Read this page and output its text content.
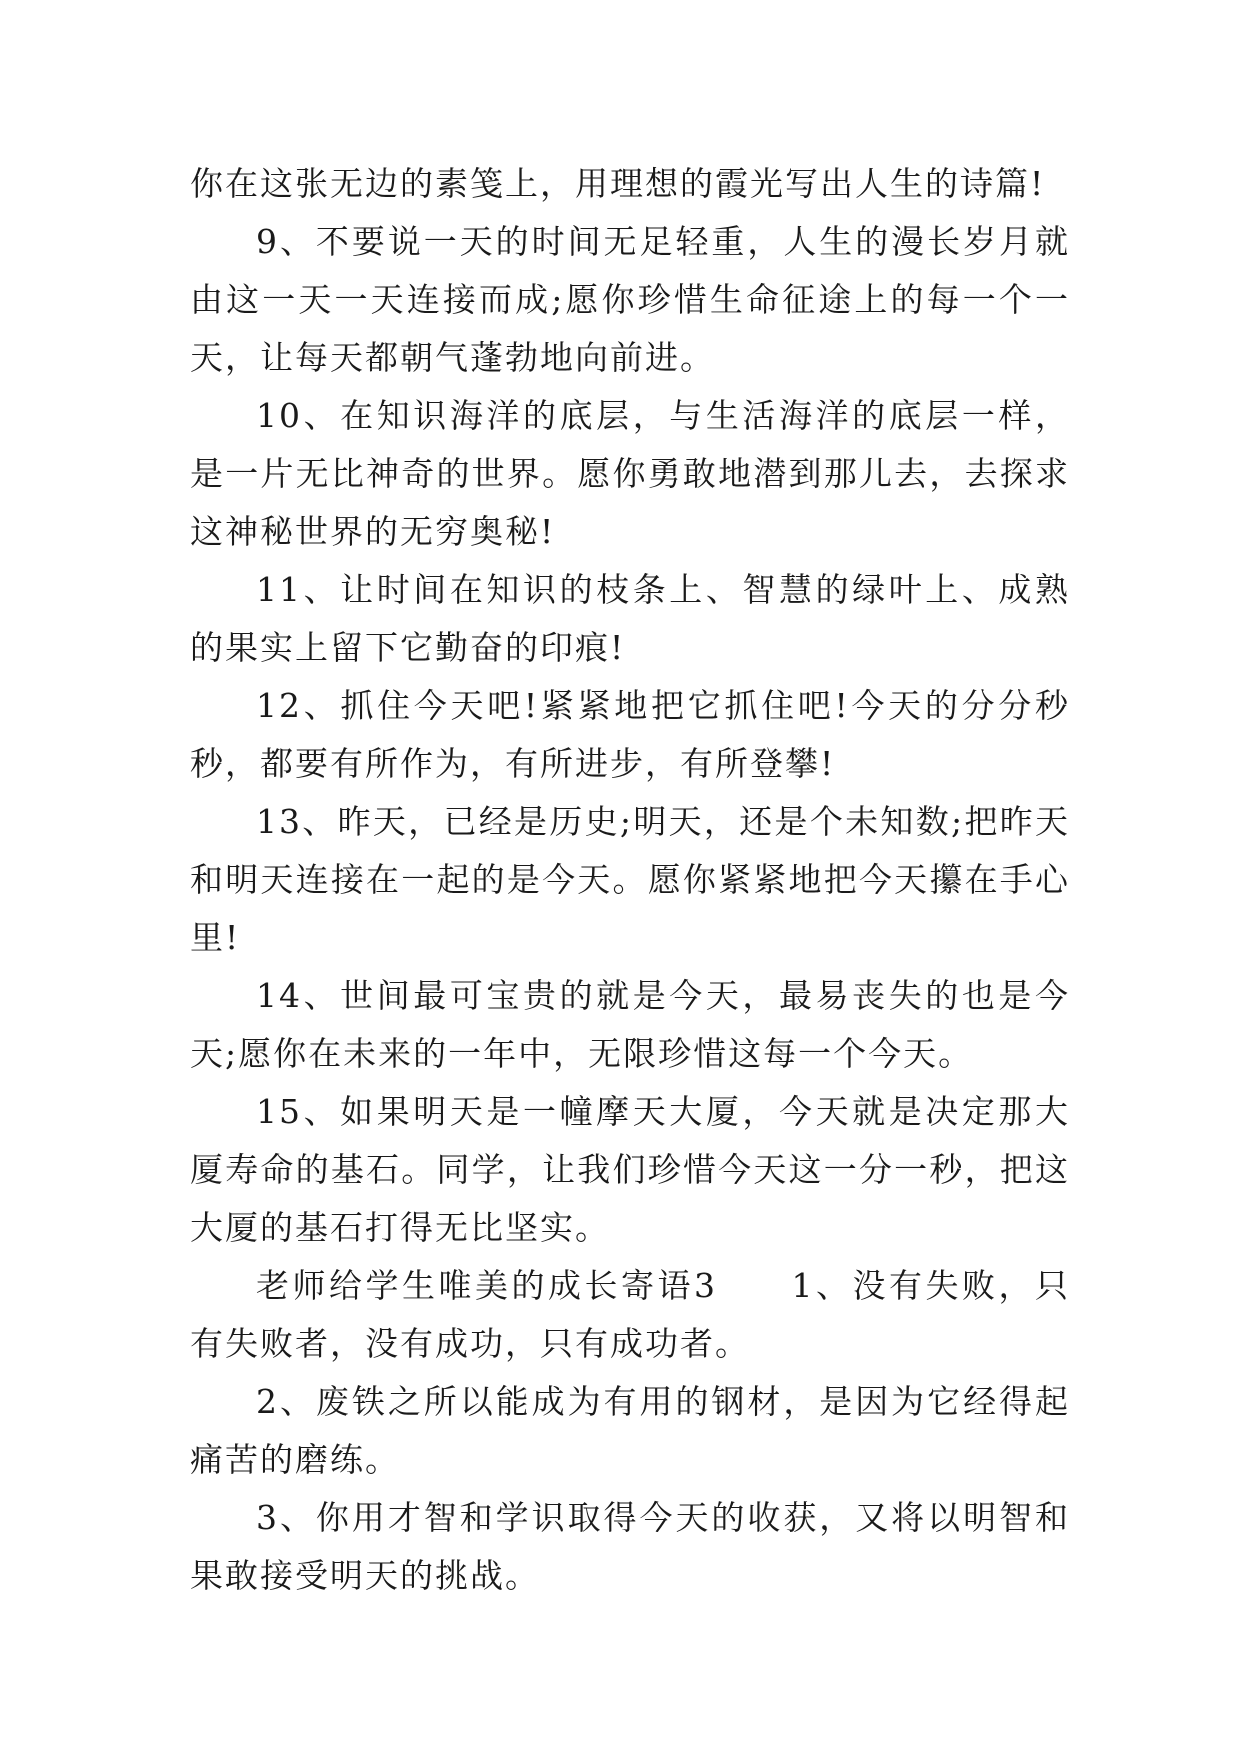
你在这张无边的素笺上，用理想的霞光写出人生的诗篇!

9、不要说一天的时间无足轻重，人生的漫长岁月就由这一天一天连接而成;愿你珍惜生命征途上的每一个一天，让每天都朝气蓬勃地向前进。

10、在知识海洋的底层，与生活海洋的底层一样，是一片无比神奇的世界。愿你勇敢地潜到那儿去，去探求这神秘世界的无穷奥秘!

11、让时间在知识的枝条上、智慧的绿叶上、成熟的果实上留下它勤奋的印痕!

12、抓住今天吧!紧紧地把它抓住吧!今天的分分秒秒，都要有所作为，有所进步，有所登攀!

13、昨天，已经是历史;明天，还是个未知数;把昨天和明天连接在一起的是今天。愿你紧紧地把今天攥在手心里!

14、世间最可宝贵的就是今天，最易丧失的也是今天;愿你在未来的一年中，无限珍惜这每一个今天。

15、如果明天是一幢摩天大厦，今天就是决定那大厦寿命的基石。同学，让我们珍惜今天这一分一秒，把这大厦的基石打得无比坚实。

老师给学生唯美的成长寄语3　　1、没有失败，只有失败者，没有成功，只有成功者。

2、废铁之所以能成为有用的钢材，是因为它经得起痛苦的磨练。

3、你用才智和学识取得今天的收获，又将以明智和果敢接受明天的挑战。
